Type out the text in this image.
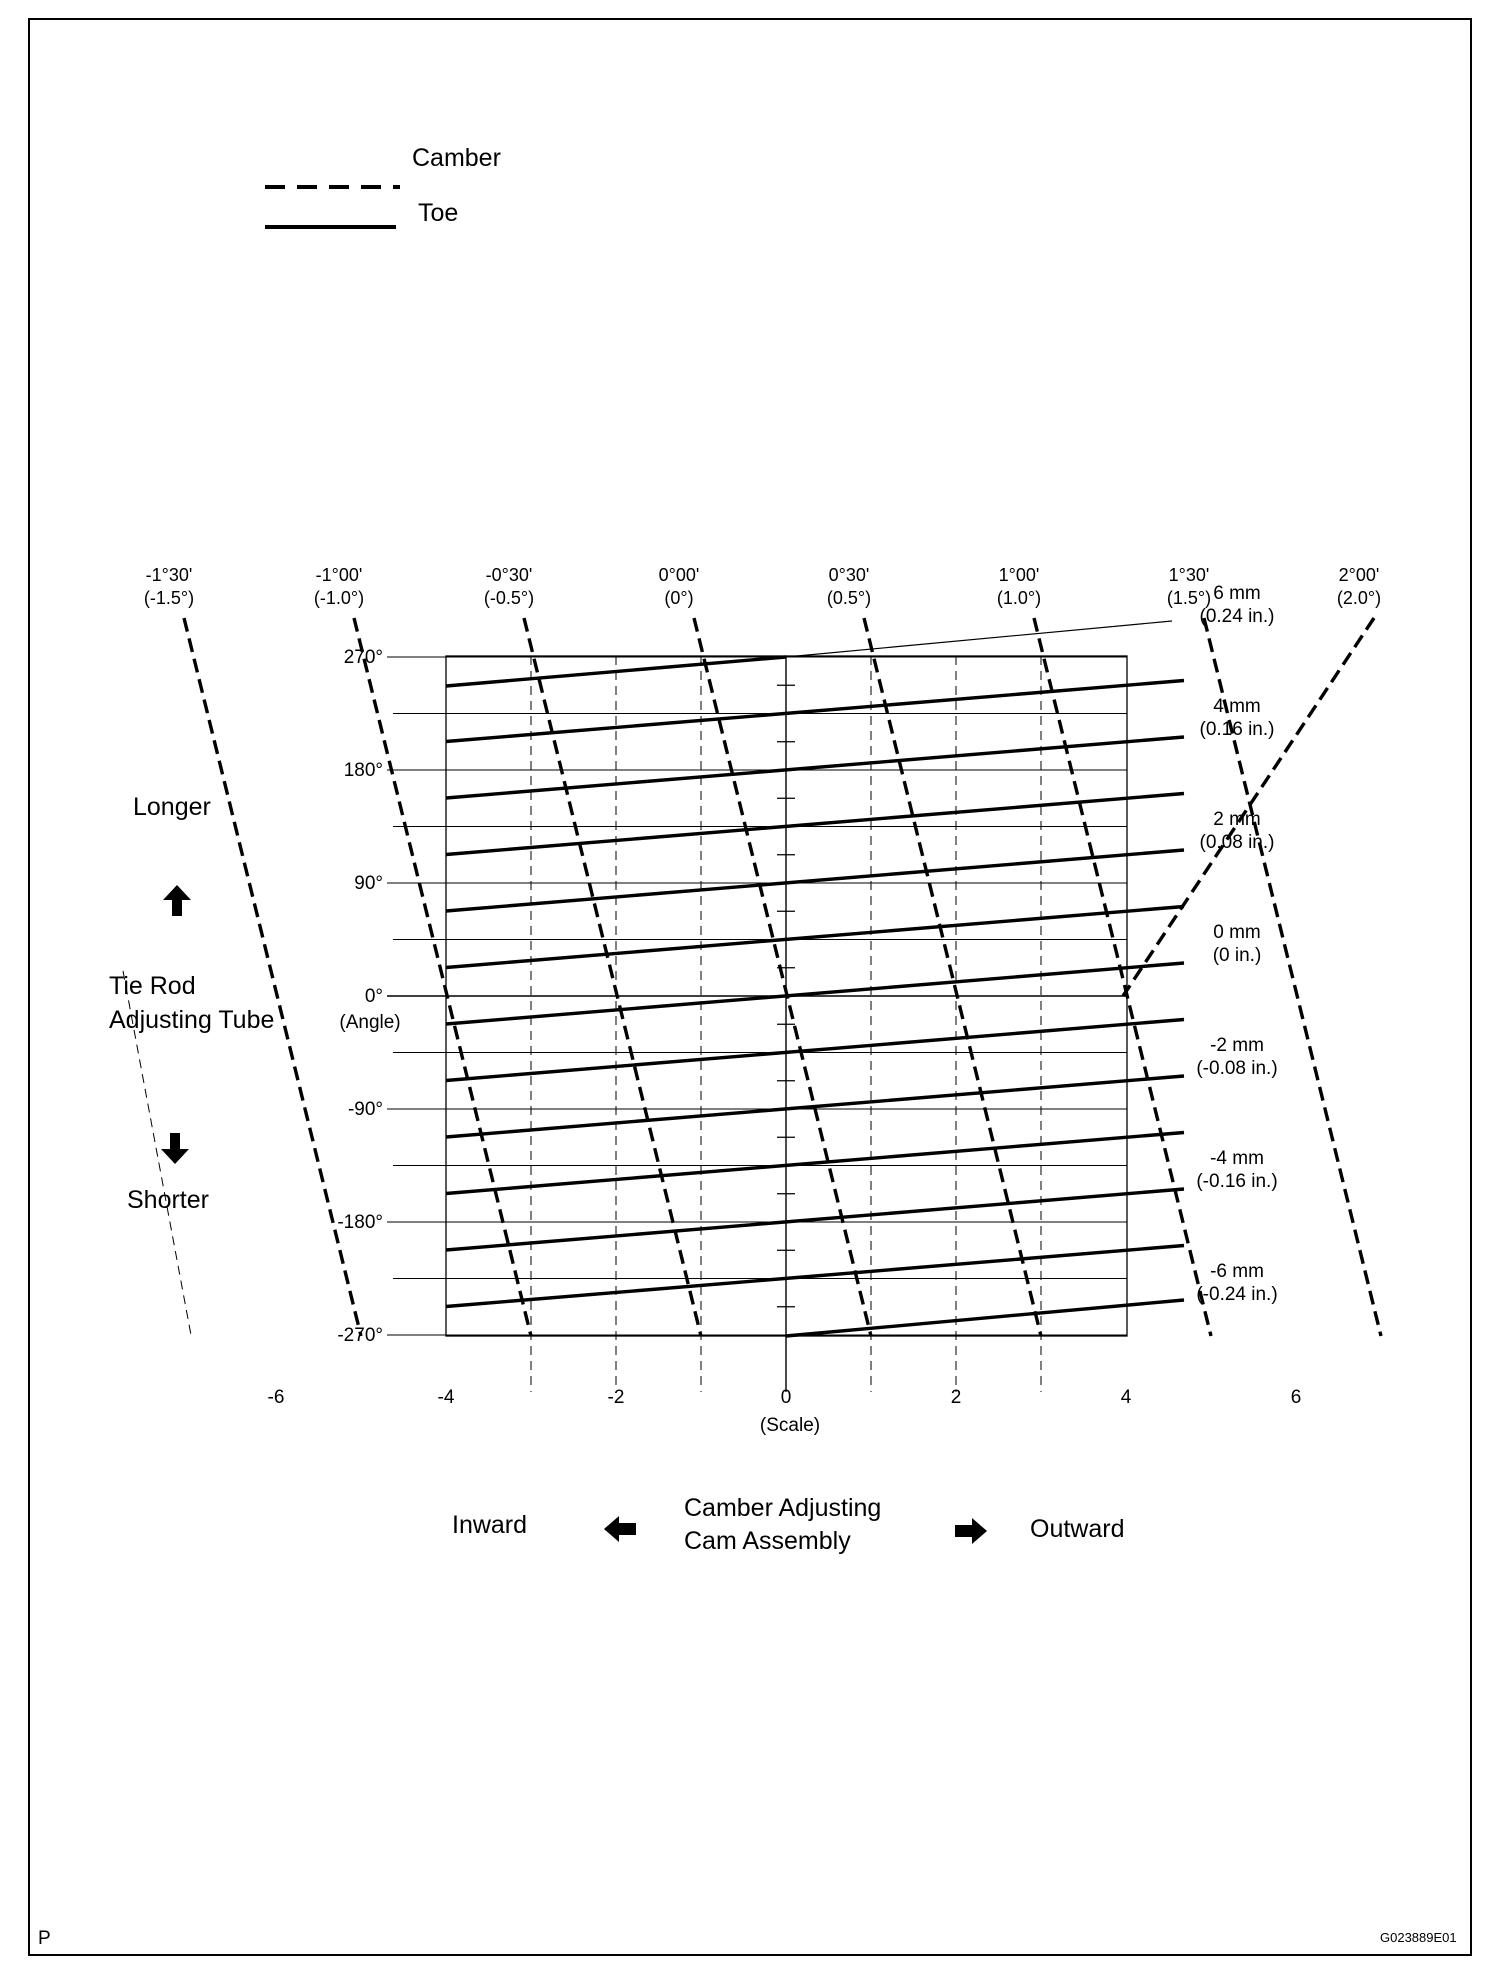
Camber
Toe
270°
180°
90°
0°
-90°
-180°
-270°
-6	-4	-2	0	2	4	6
-1°30'
(-1.5°)
-1°00'
(-1.0°)
-0°30'
(-0.5°)
0°00'
(0°)
0°30'
(0.5°)
1°00'
(1.0°)
1°30'
(1.5°)
2°00'
(2.0°)
6 mm
(0.24 in.)
4 mm
(0.16 in.)
2 mm
(0.08 in.)
0 mm
(0 in.)
-2 mm
(-0.08 in.)
-4 mm
(-0.16 in.)
-6 mm
(-0.24 in.)
(Angle)
(Scale)
Longer
Tie Rod
Adjusting Tube
Shorter
Inward
Camber Adjusting
Cam Assembly	Outward
P	G023889E01
